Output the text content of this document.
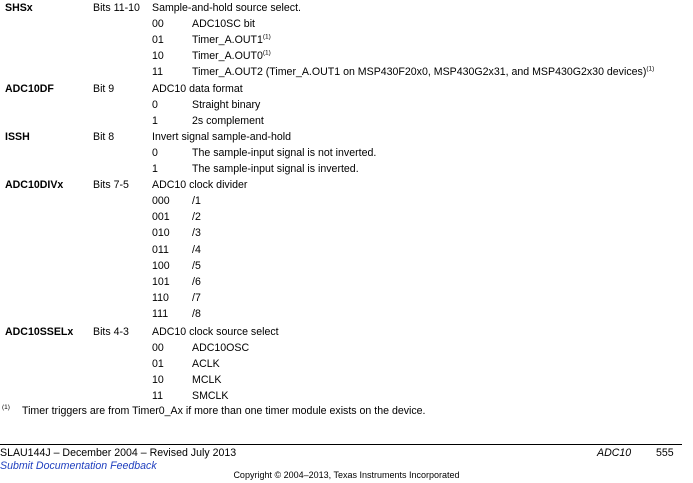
SHSx	Bits 11-10 Sample-and-hold source select.
00	ADC10SC bit
01	Timer_A.OUT1$^{(1)}$
10	Timer_A.OUT0$^{(1)}$
11	Timer_A.OUT2 (Timer_A.OUT1 on MSP430F20x0, MSP430G2x31, and MSP430G2x30 devices)$^{(1)}$
ADC10DF	Bit 9	ADC10 data format
0	Straight binary
1	2s complement
ISSH	Bit 8	Invert signal sample-and-hold
0	The sample-input signal is not inverted.
1	The sample-input signal is inverted.
ADC10DIVx	Bits 7-5 ADC10 clock divider
000 /1
001 /2
010 /3
011 /4
100 /5
101 /6
110 /7
111 /8
ADC10SSELx Bits 4-3 ADC10 clock source select
00	ADC10OSC
01	ACLK
10	MCLK
11	SMCLK
(1) Timer triggers are from Timer0_Ax if more than one timer module exists on the device.
SLAU144J – December 2004 – Revised July 2013
Submit Documentation Feedback
ADC10 555
Copyright © 2004–2013, Texas Instruments Incorporated
